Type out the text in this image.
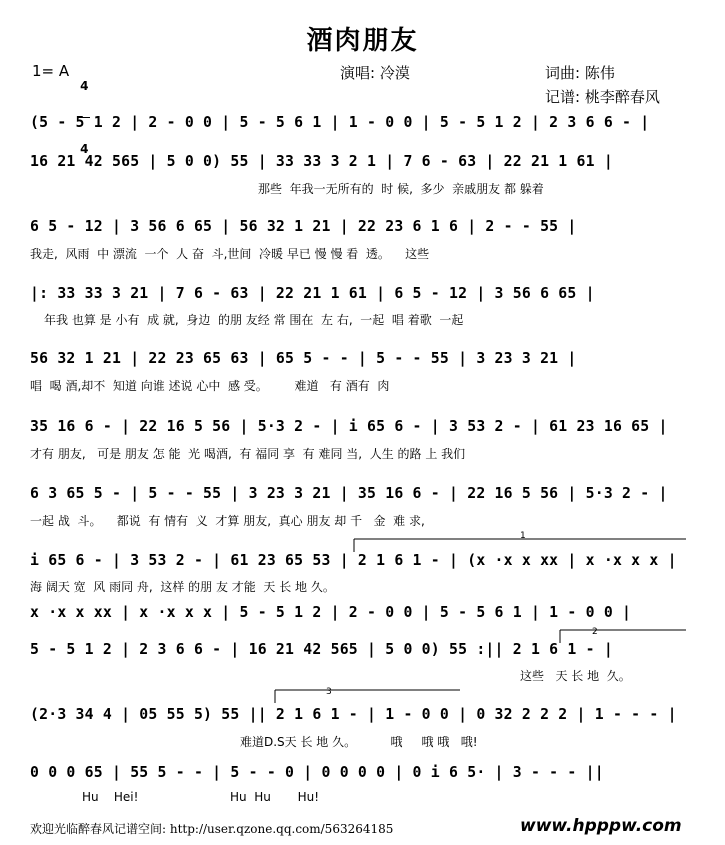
酒肉朋友
1= A

4

4

演唱: 冷漠	词曲: 陈伟
记谱: 桃李醉春风
(5 - 5 1 2 | 2 - 0 0 | 5 - 5 6 1 | 1 - 0 0 | 5 - 5 1 2 | 2 3 6 6 - |
16 21 42 565 | 5 0 0) 55 | 33 33 3 2 1 | 7 6 - 63 | 22 21 1 61 |
那些  年我一无所有的  时 候,  多少  亲戚朋友 都 躲着
6 5 - 12 | 3 56 6 65 | 56 32 1 21 | 22 23 6 1 6 | 2 - - 55 |
我走,  风雨  中 漂流  一个  人 奋  斗,世间  冷暖 早已 慢 慢 看  透。    这些
|: 33 33 3 21 | 7 6 - 63 | 22 21 1 61 | 6 5 - 12 | 3 56 6 65 |
年我 也算 是 小有  成 就,  身边  的朋 友经 常 围在  左 右,  一起  唱 着歌  一起
56 32 1 21 | 22 23 65 63 | 65 5 - - | 5 - - 55 | 3 23 3 21 |
唱  喝 酒,却不  知道 向谁 述说 心中  感 受。       难道   有 酒有  肉
35 16 6 - | 22 16 5 56 | 5·3 2 - | i 65 6 - | 3 53 2 - | 61 23 16 65 |
才有 朋友,   可是 朋友 怎 能  光 喝酒,  有 福同 享  有 难同 当,  人生 的路 上 我们
6 3 65 5 - | 5 - - 55 | 3 23 3 21 | 35 16 6 - | 22 16 5 56 | 5·3 2 - |
一起 战  斗。    都说  有 情有  义  才算 朋友,  真心 朋友 却 千   金  难 求,
i 65 6 - | 3 53 2 - | 61 23 65 53 | 2 1 6 1 - | (x ·x x xx | x ·x x x |
海 阔天 宽  风 雨同 舟,  这样 的朋 友 才能  天 长 地 久。
x ·x x xx | x ·x x x | 5 - 5 1 2 | 2 - 0 0 | 5 - 5 6 1 | 1 - 0 0 |
5 - 5 1 2 | 2 3 6 6 - | 16 21 42 565 | 5 0 0) 55 :|| 2 1 6 1 - |
这些   天 长 地  久。
(2·3 34 4 | 05 55 5) 55 || 2 1 6 1 - | 1 - 0 0 | 0 32 2 2 2 | 1 - - - |
难道D.S天 长 地 久。         哦     哦 哦   哦!
0 0 0 65 | 55 5 - - | 5 - - 0 | 0 0 0 0 | 0 i 6 5· | 3 - - - ||
Hu    Hei!                        Hu  Hu       Hu!
1
2
3
欢迎光临醉春风记谱空间: http://user.qzone.qq.com/563264185	www.hpppw.com
